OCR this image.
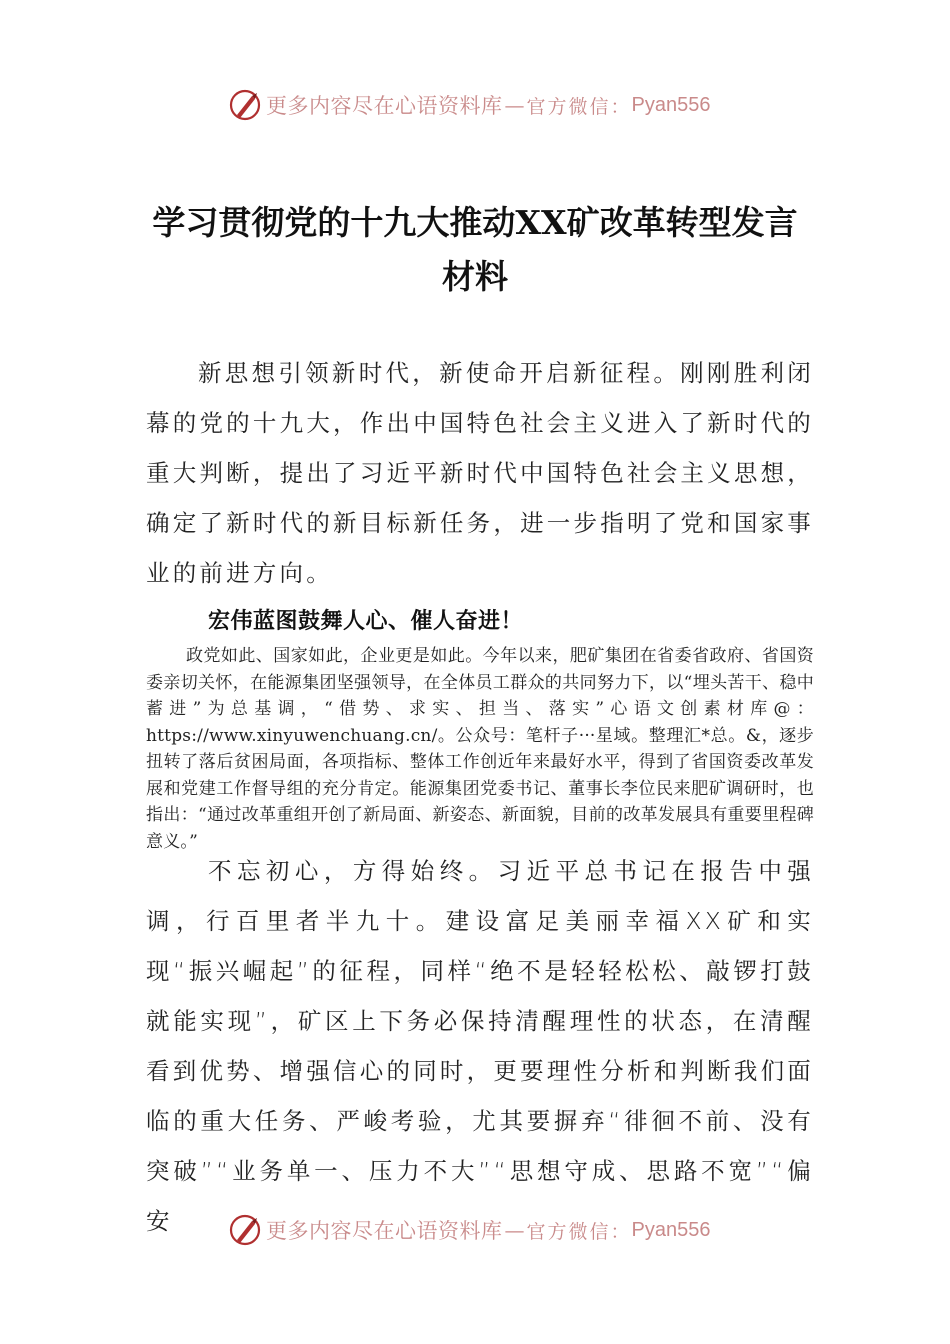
更多内容尽在心语资料库 — 官方微信： Pyan556
学习贯彻党的十九大推动XX矿改革转型发言材料

新思想引领新时代，新使命开启新征程。刚刚胜利闭幕的党的十九大，作出中国特色社会主义进入了新时代的重大判断，提出了习近平新时代中国特色社会主义思想，确定了新时代的新目标新任务，进一步指明了党和国家事业的前进方向。

宏伟蓝图鼓舞人心、催人奋进！

政党如此、国家如此，企业更是如此。今年以来，肥矿集团在省委省政府、省国资委亲切关怀，在能源集团坚强领导，在全体员工群众的共同努力下，以“埋头苦干、稳中蓄进”为总基调，“借势、求实、担当、落实”心语文创素材库@：https://www.xinyuwenchuang.cn/。公众号：笔杆子···星域。整理汇*总。&，逐步扭转了落后贫困局面，各项指标、整体工作创近年来最好水平，得到了省国资委改革发展和党建工作督导组的充分肯定。能源集团党委书记、董事长李位民来肥矿调研时，也指出：“通过改革重组开创了新局面、新姿态、新面貌，目前的改革发展具有重要里程碑意义。”

不忘初心，方得始终。习近平总书记在报告中强调，行百里者半九十。建设富足美丽幸福XX矿和实现“振兴崛起”的征程，同样“绝不是轻轻松松、敲锣打鼓就能实现”，矿区上下务必保持清醒理性的状态，在清醒看到优势、增强信心的同时，更要理性分析和判断我们面临的重大任务、严峻考验，尤其要摒弃“徘徊不前、没有突破”“业务单一、压力不大”“思想守成、思路不宽”“偏安	更多内容尽在心语资料库 — 官方微信： Pyan556
